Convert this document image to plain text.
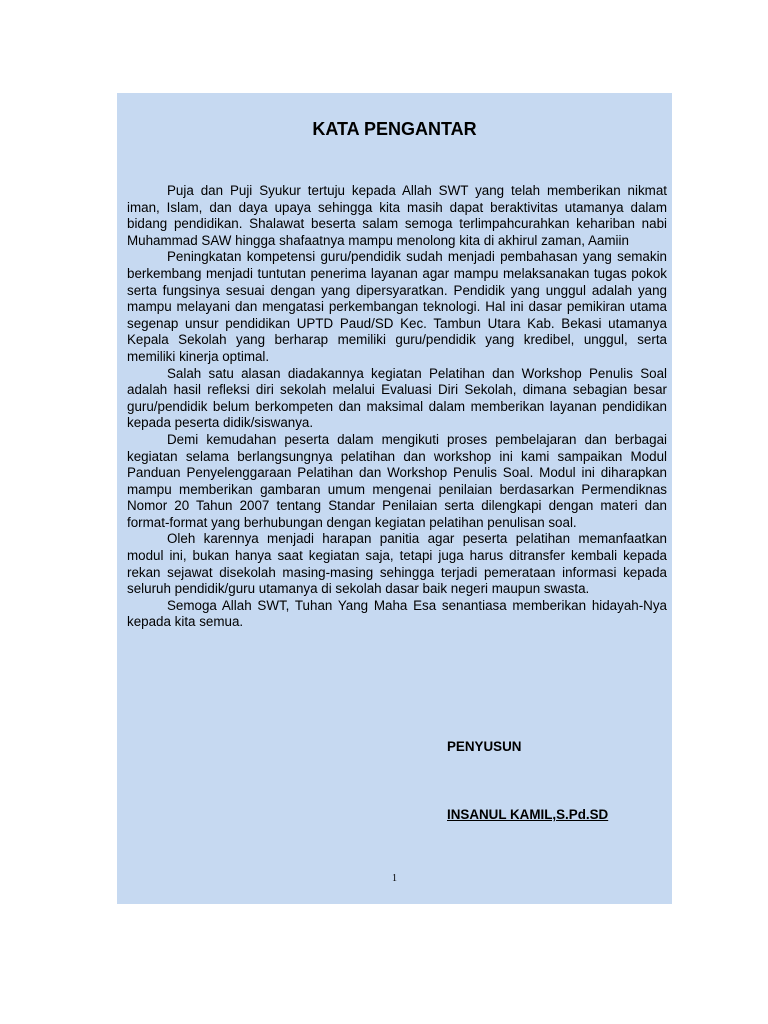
KATA PENGANTAR

Puja dan Puji Syukur tertuju kepada Allah SWT yang telah memberikan nikmat iman, Islam, dan daya upaya sehingga kita masih dapat beraktivitas utamanya dalam bidang pendidikan. Shalawat beserta salam semoga terlimpahcurahkan kehariban nabi Muhammad SAW hingga shafaatnya mampu menolong kita di akhirul zaman, Aamiin

Peningkatan kompetensi guru/pendidik sudah menjadi pembahasan yang semakin berkembang menjadi tuntutan penerima layanan agar mampu melaksanakan tugas pokok serta fungsinya sesuai dengan yang dipersyaratkan. Pendidik yang unggul adalah yang mampu melayani dan mengatasi perkembangan teknologi. Hal ini dasar pemikiran utama segenap unsur pendidikan UPTD Paud/SD Kec. Tambun Utara Kab. Bekasi utamanya Kepala Sekolah yang berharap memiliki guru/pendidik yang kredibel, unggul, serta memiliki kinerja optimal.

Salah satu alasan diadakannya kegiatan Pelatihan dan Workshop Penulis Soal adalah hasil refleksi diri sekolah melalui Evaluasi Diri Sekolah, dimana sebagian besar guru/pendidik belum berkompeten dan maksimal dalam memberikan layanan pendidikan kepada peserta didik/siswanya.

Demi kemudahan peserta dalam mengikuti proses pembelajaran dan berbagai kegiatan selama berlangsungnya pelatihan dan workshop ini kami sampaikan Modul Panduan Penyelenggaraan Pelatihan dan Workshop Penulis Soal. Modul ini diharapkan mampu memberikan gambaran umum mengenai penilaian berdasarkan Permendiknas Nomor 20 Tahun 2007 tentang Standar Penilaian serta dilengkapi dengan materi dan format-format yang berhubungan dengan kegiatan pelatihan penulisan soal.

Oleh karennya menjadi harapan panitia agar peserta pelatihan memanfaatkan modul ini, bukan hanya saat kegiatan saja, tetapi juga harus ditransfer kembali kepada rekan sejawat disekolah masing-masing sehingga terjadi pemerataan informasi kepada seluruh pendidik/guru utamanya di sekolah dasar baik negeri maupun swasta.

Semoga Allah SWT, Tuhan Yang Maha Esa senantiasa memberikan hidayah-Nya kepada kita semua.

PENYUSUN
INSANUL KAMIL,S.Pd.SD
1
